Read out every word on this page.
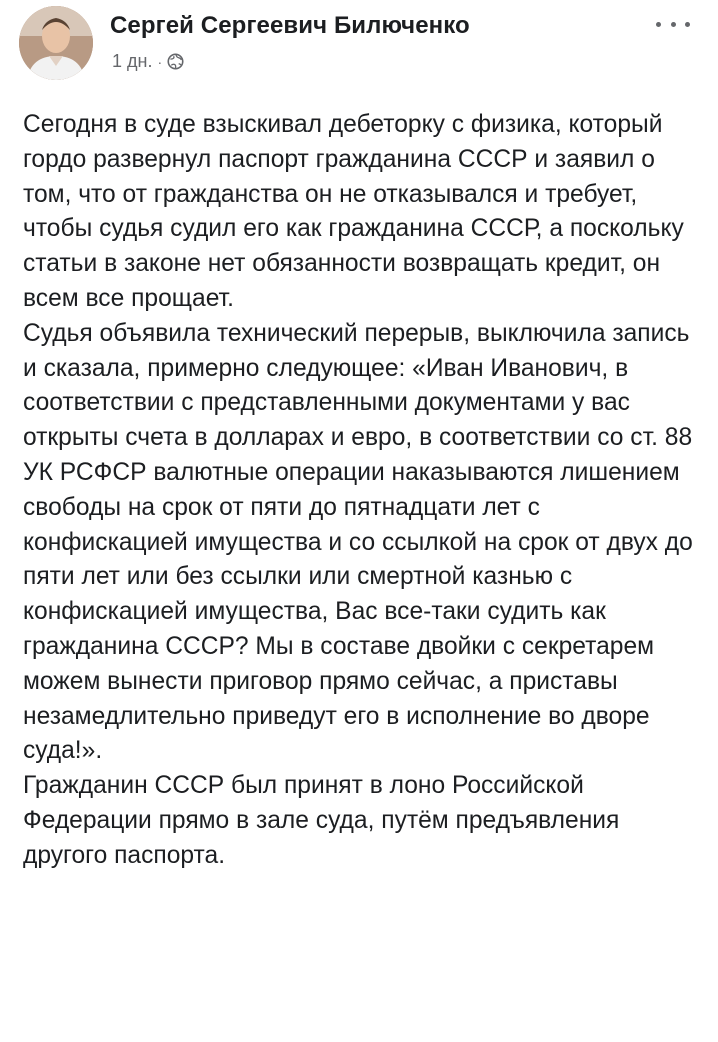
Сергей Сергеевич Билюченко
1 дн. ·

Сегодня в суде взыскивал дебеторку с физика, который гордо развернул паспорт гражданина СССР и заявил о том, что от гражданства он не отказывался и требует, чтобы судья судил его как гражданина СССР, а поскольку статьи в законе нет обязанности возвращать кредит, он всем все прощает.

Судья объявила технический перерыв, выключила запись и сказала, примерно следующее: «Иван Иванович, в соответствии с представленными документами у вас открыты счета в долларах и евро, в соответствии со ст. 88 УК РСФСР валютные операции наказываются лишением свободы на срок от пяти до пятнадцати лет с конфискацией имущества и со ссылкой на срок от двух до пяти лет или без ссылки или смертной казнью с конфискацией имущества, Вас все-таки судить как гражданина СССР? Мы в составе двойки с секретарем можем вынести приговор прямо сейчас, а приставы незамедлительно приведут его в исполнение во дворе суда!».

Гражданин СССР был принят в лоно Российской Федерации прямо в зале суда, путём предъявления другого паспорта.
